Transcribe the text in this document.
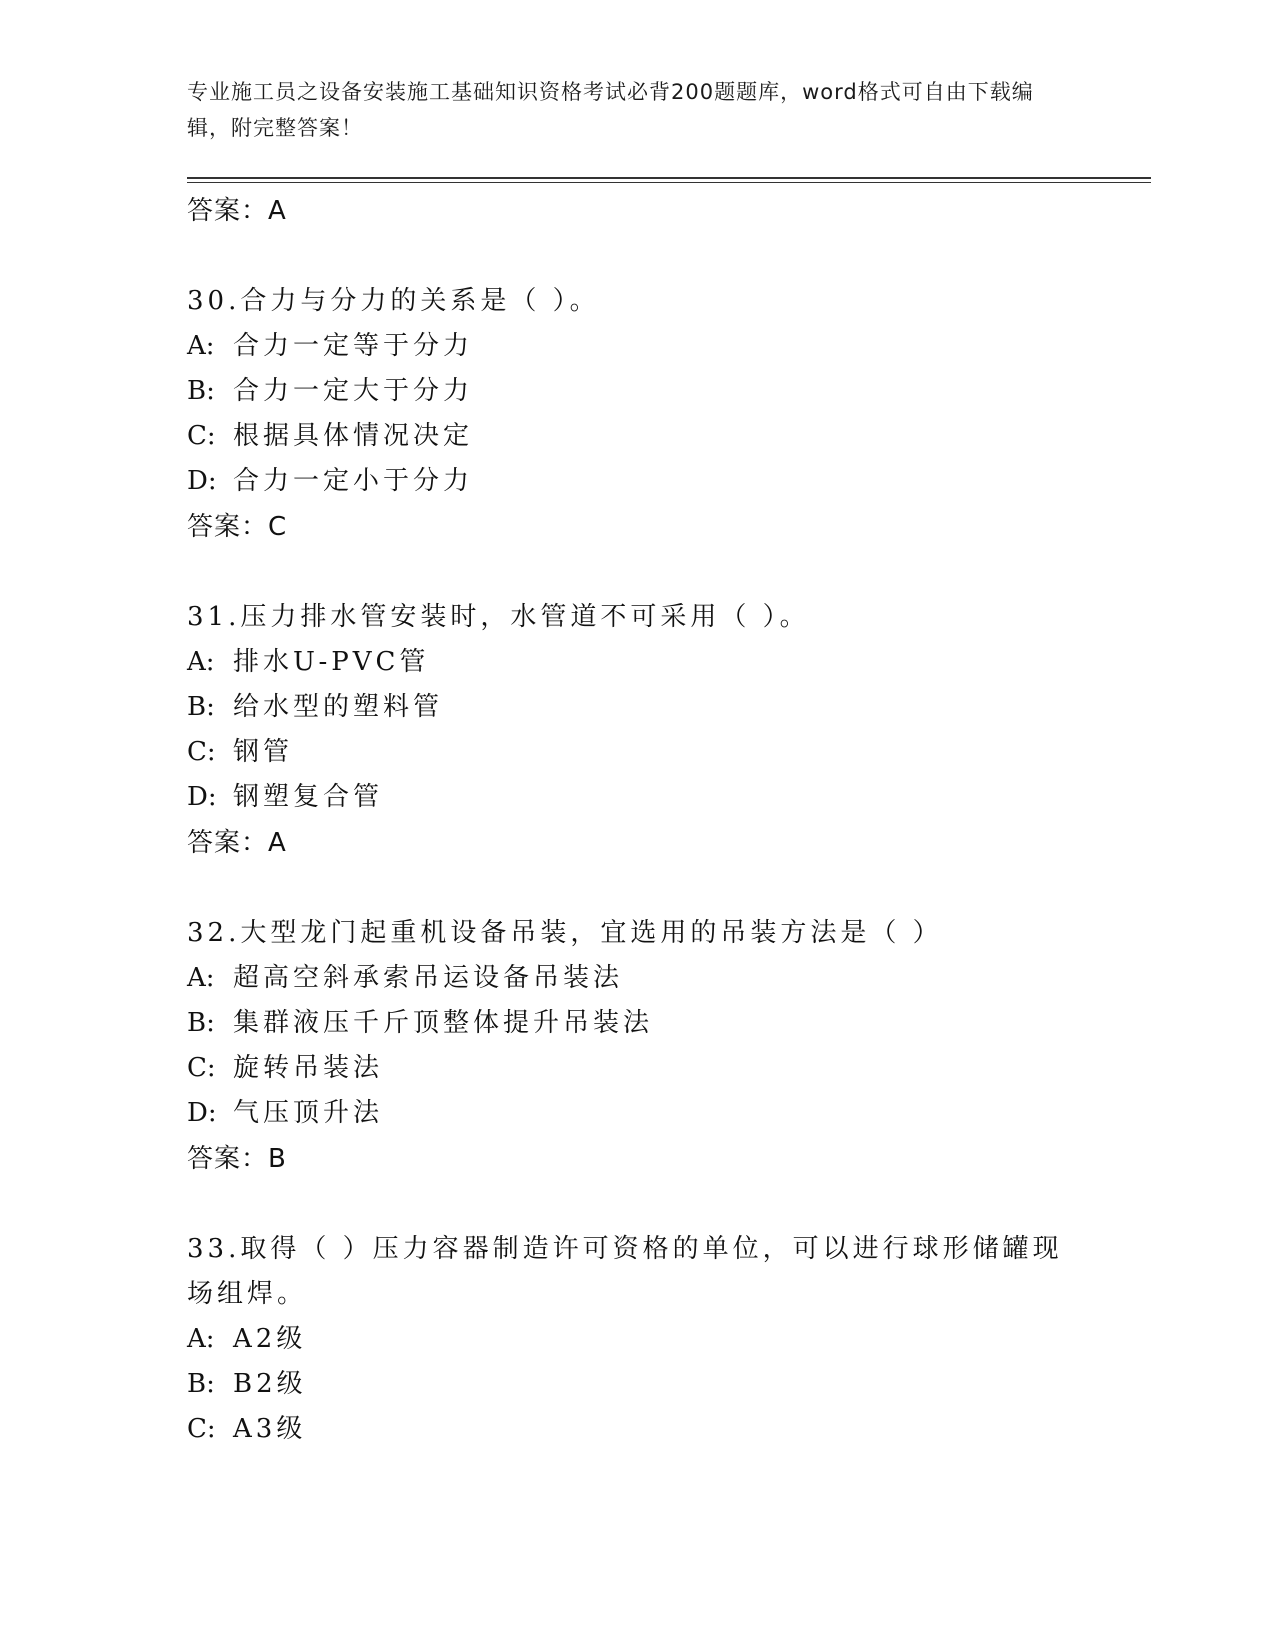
专业施工员之设备安装施工基础知识资格考试必背200题题库，word格式可自由下载编辑，附完整答案！
答案：A
30.合力与分力的关系是（ ）。
A: 合力一定等于分力
B: 合力一定大于分力
C: 根据具体情况决定
D: 合力一定小于分力
答案：C
31.压力排水管安装时，水管道不可采用（ ）。
A: 排水U-PVC管
B: 给水型的塑料管
C: 钢管
D: 钢塑复合管
答案：A
32.大型龙门起重机设备吊装，宜选用的吊装方法是（ ）
A: 超高空斜承索吊运设备吊装法
B: 集群液压千斤顶整体提升吊装法
C: 旋转吊装法
D: 气压顶升法
答案：B
33.取得（ ）压力容器制造许可资格的单位，可以进行球形储罐现场组焊。
A: A2级
B: B2级
C: A3级
